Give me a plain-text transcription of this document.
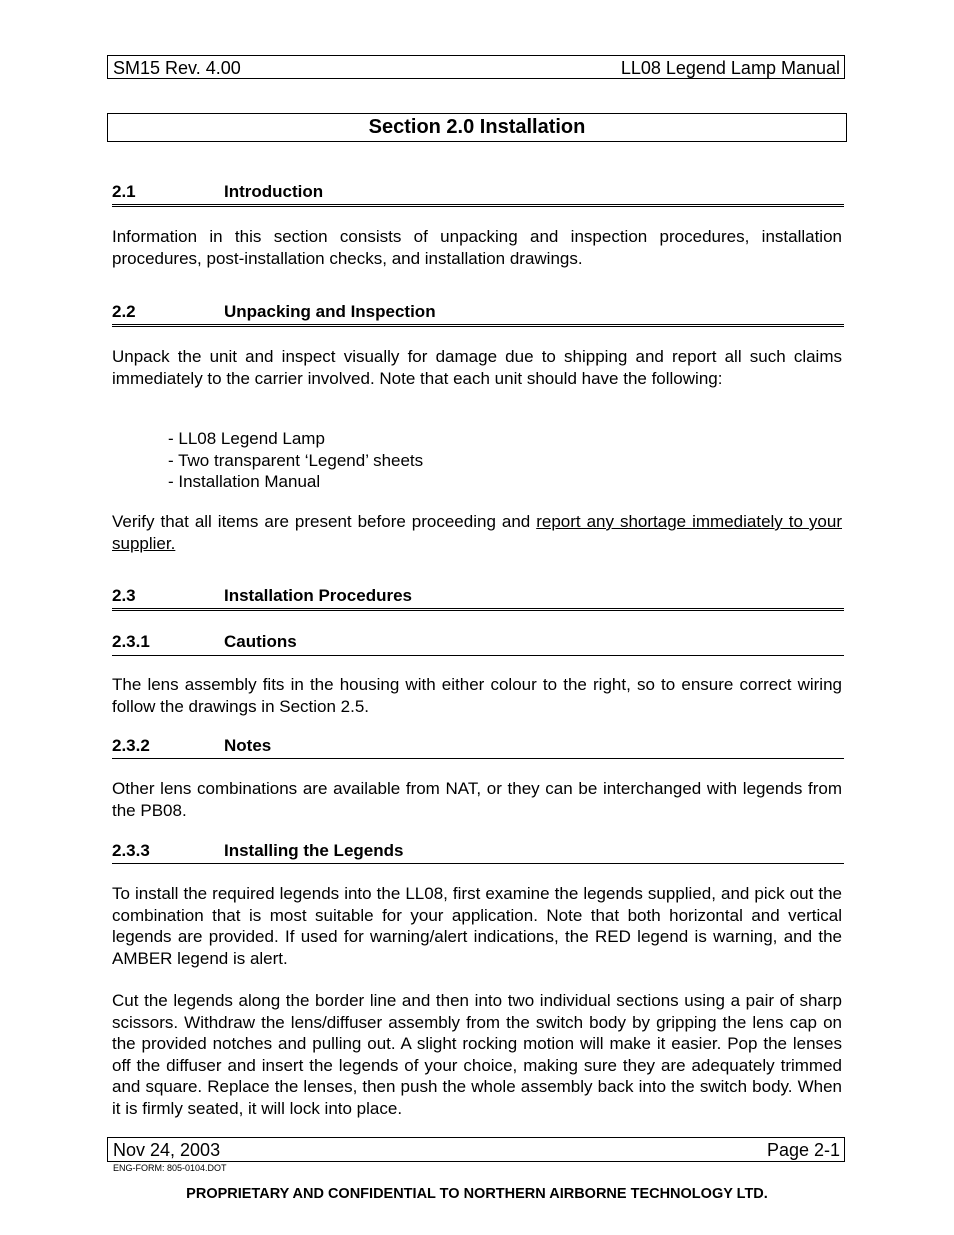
SM15 Rev. 4.00	LL08 Legend Lamp Manual
Section 2.0 Installation
2.1	Introduction

Information in this section consists of unpacking and inspection procedures, installation procedures, post-installation checks, and installation drawings.

2.2	Unpacking and Inspection

Unpack the unit and inspect visually for damage due to shipping and report all such claims immediately to the carrier involved. Note that each unit should have the following:

- LL08 Legend Lamp
- Two transparent ‘Legend’ sheets
- Installation Manual

Verify that all items are present before proceeding and report any shortage immediately to your supplier.

2.3	Installation Procedures
2.3.1	Cautions

The lens assembly fits in the housing with either colour to the right, so to ensure correct wiring follow the drawings in Section 2.5.

2.3.2	Notes

Other lens combinations are available from NAT, or they can be interchanged with legends from the PB08.

2.3.3	Installing the Legends

To install the required legends into the LL08, first examine the legends supplied, and pick out the combination that is most suitable for your application. Note that both horizontal and vertical legends are provided. If used for warning/alert indications, the RED legend is warning, and the AMBER legend is alert.

Cut the legends along the border line and then into two individual sections using a pair of sharp scissors. Withdraw the lens/diffuser assembly from the switch body by gripping the lens cap on the provided notches and pulling out. A slight rocking motion will make it easier. Pop the lenses off the diffuser and insert the legends of your choice, making sure they are adequately trimmed and square. Replace the lenses, then push the whole assembly back into the switch body. When it is firmly seated, it will lock into place.

Nov 24, 2003	Page 2-1
ENG-FORM: 805-0104.DOT
PROPRIETARY AND CONFIDENTIAL TO NORTHERN AIRBORNE TECHNOLOGY LTD.
